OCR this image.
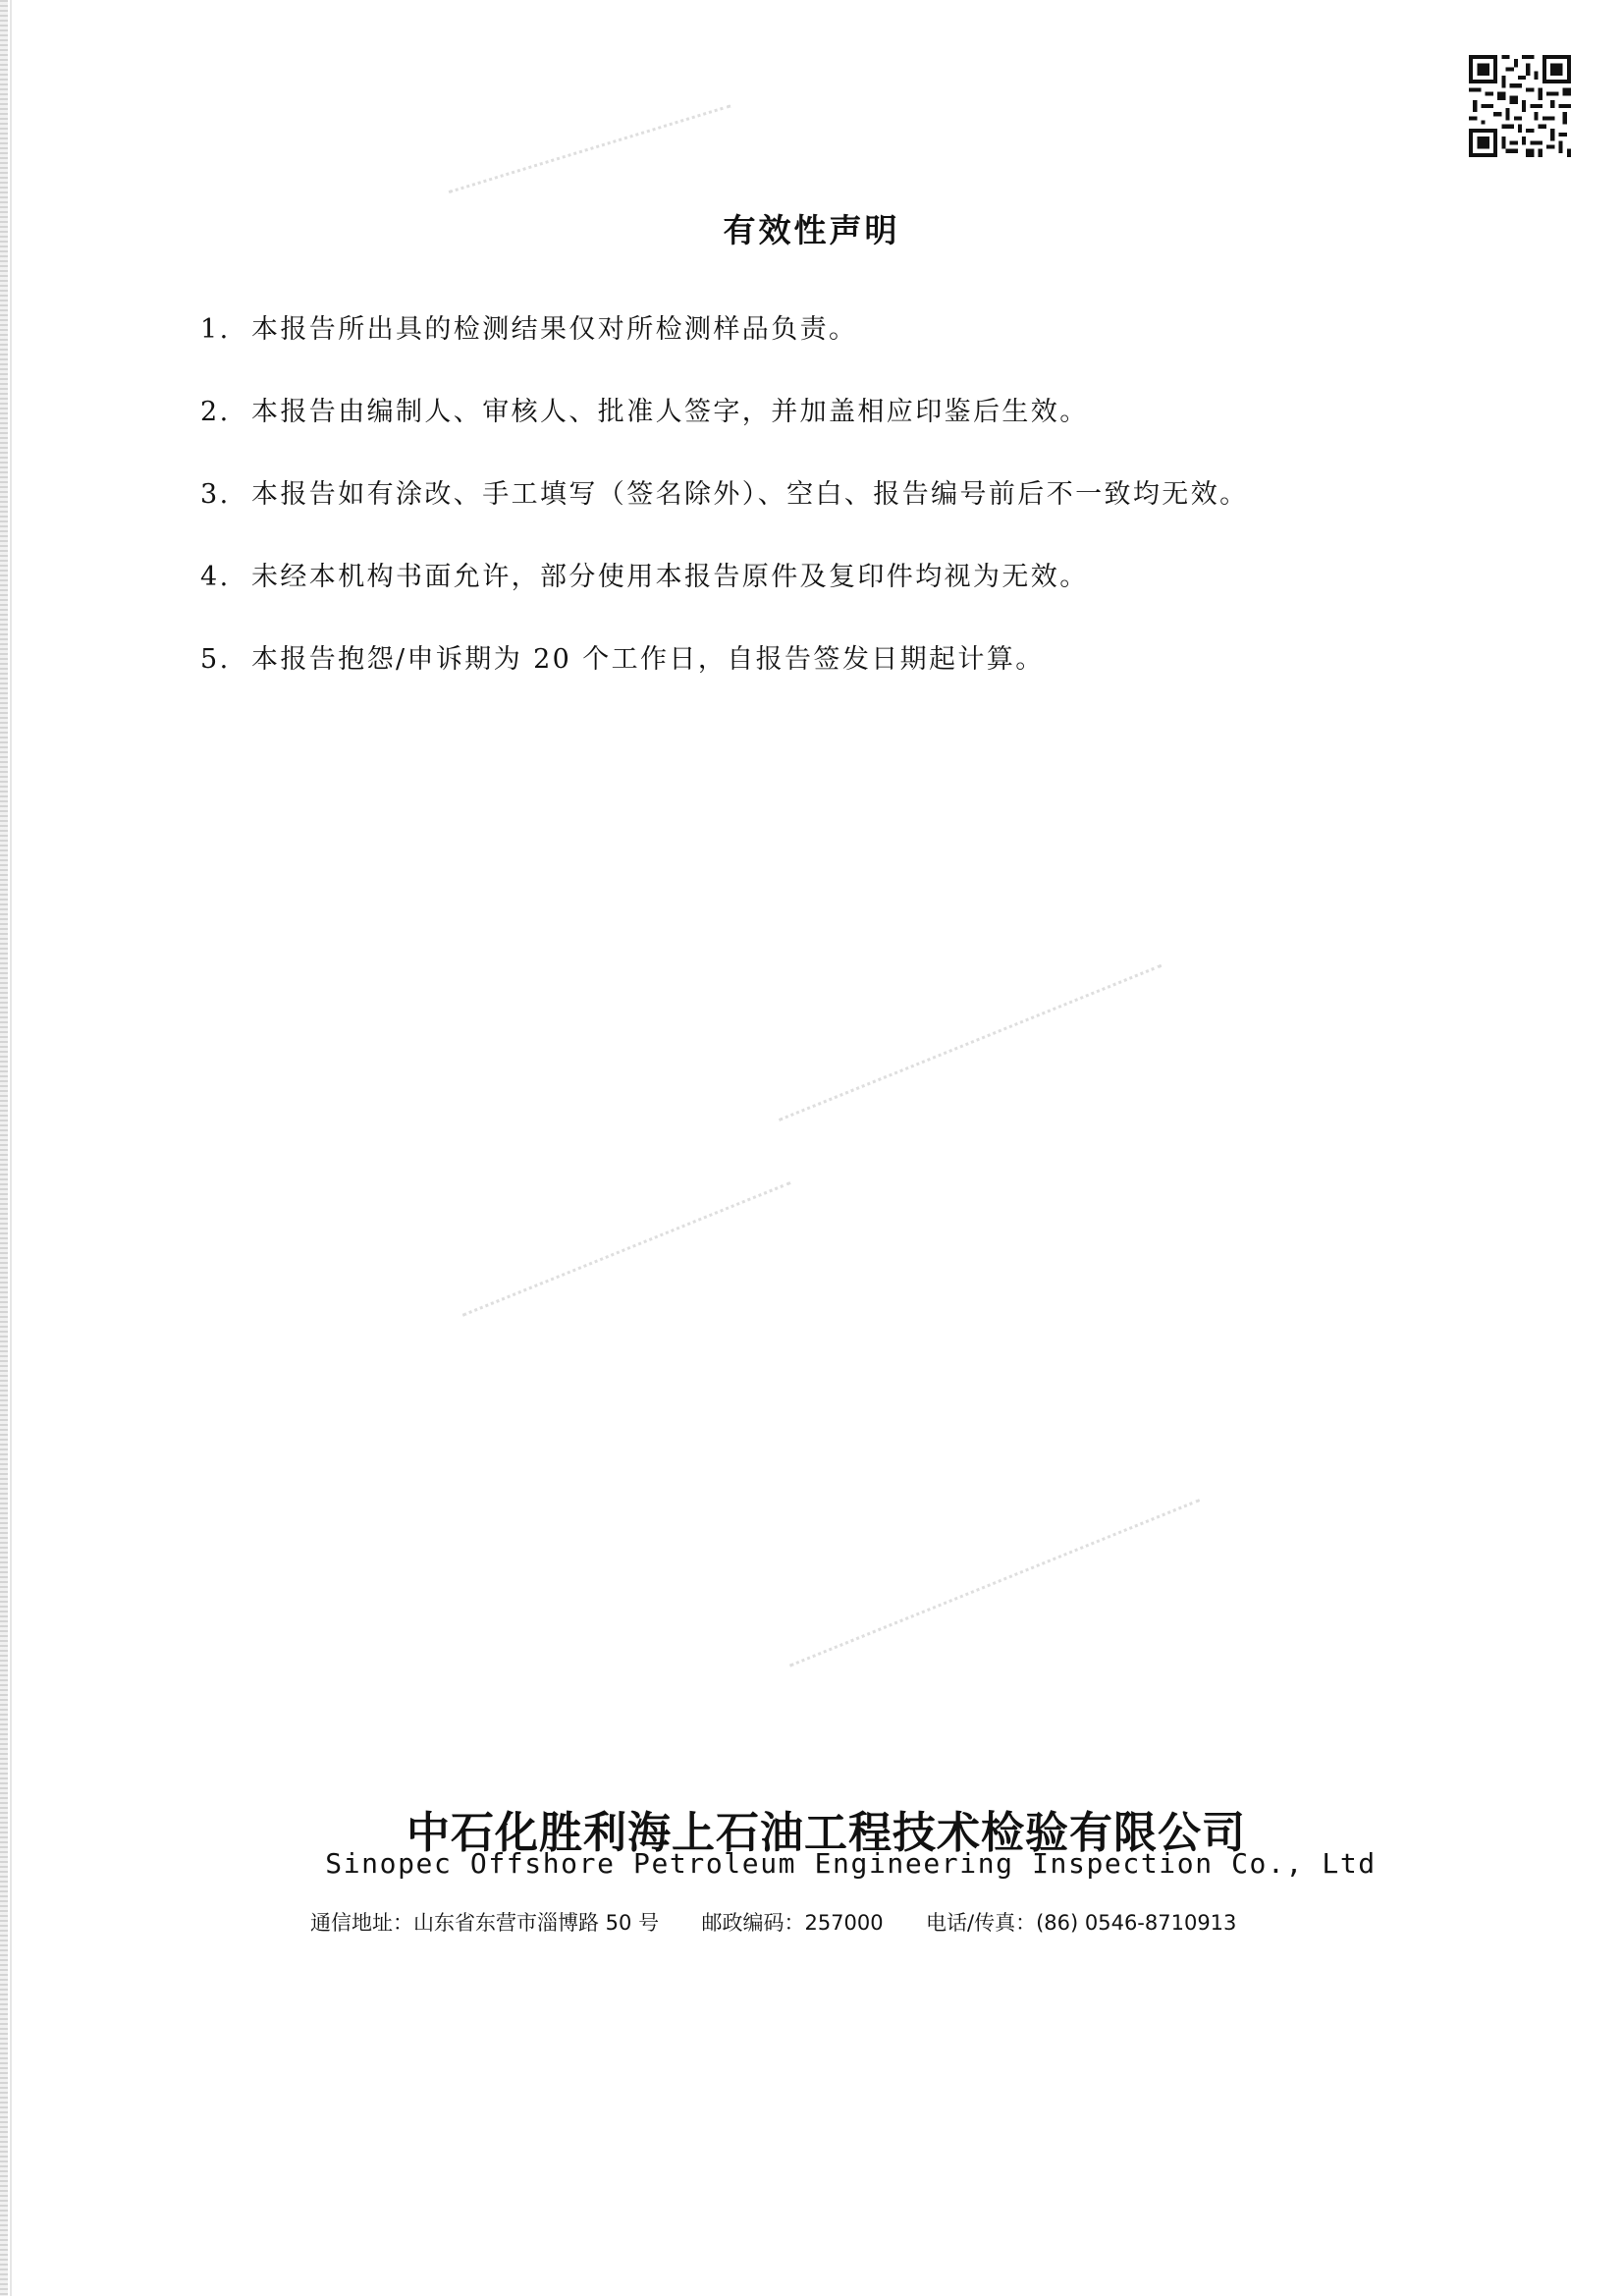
有效性声明
1. 本报告所出具的检测结果仅对所检测样品负责。
2. 本报告由编制人、审核人、批准人签字，并加盖相应印鉴后生效。
3. 本报告如有涂改、手工填写（签名除外）、空白、报告编号前后不一致均无效。
4. 未经本机构书面允许，部分使用本报告原件及复印件均视为无效。
5. 本报告抱怨/申诉期为 20 个工作日，自报告签发日期起计算。
中石化胜利海上石油工程技术检验有限公司
Sinopec Offshore Petroleum Engineering Inspection Co., Ltd
通信地址：山东省东营市淄博路 50 号 邮政编码：257000 电话/传真：(86) 0546-8710913
